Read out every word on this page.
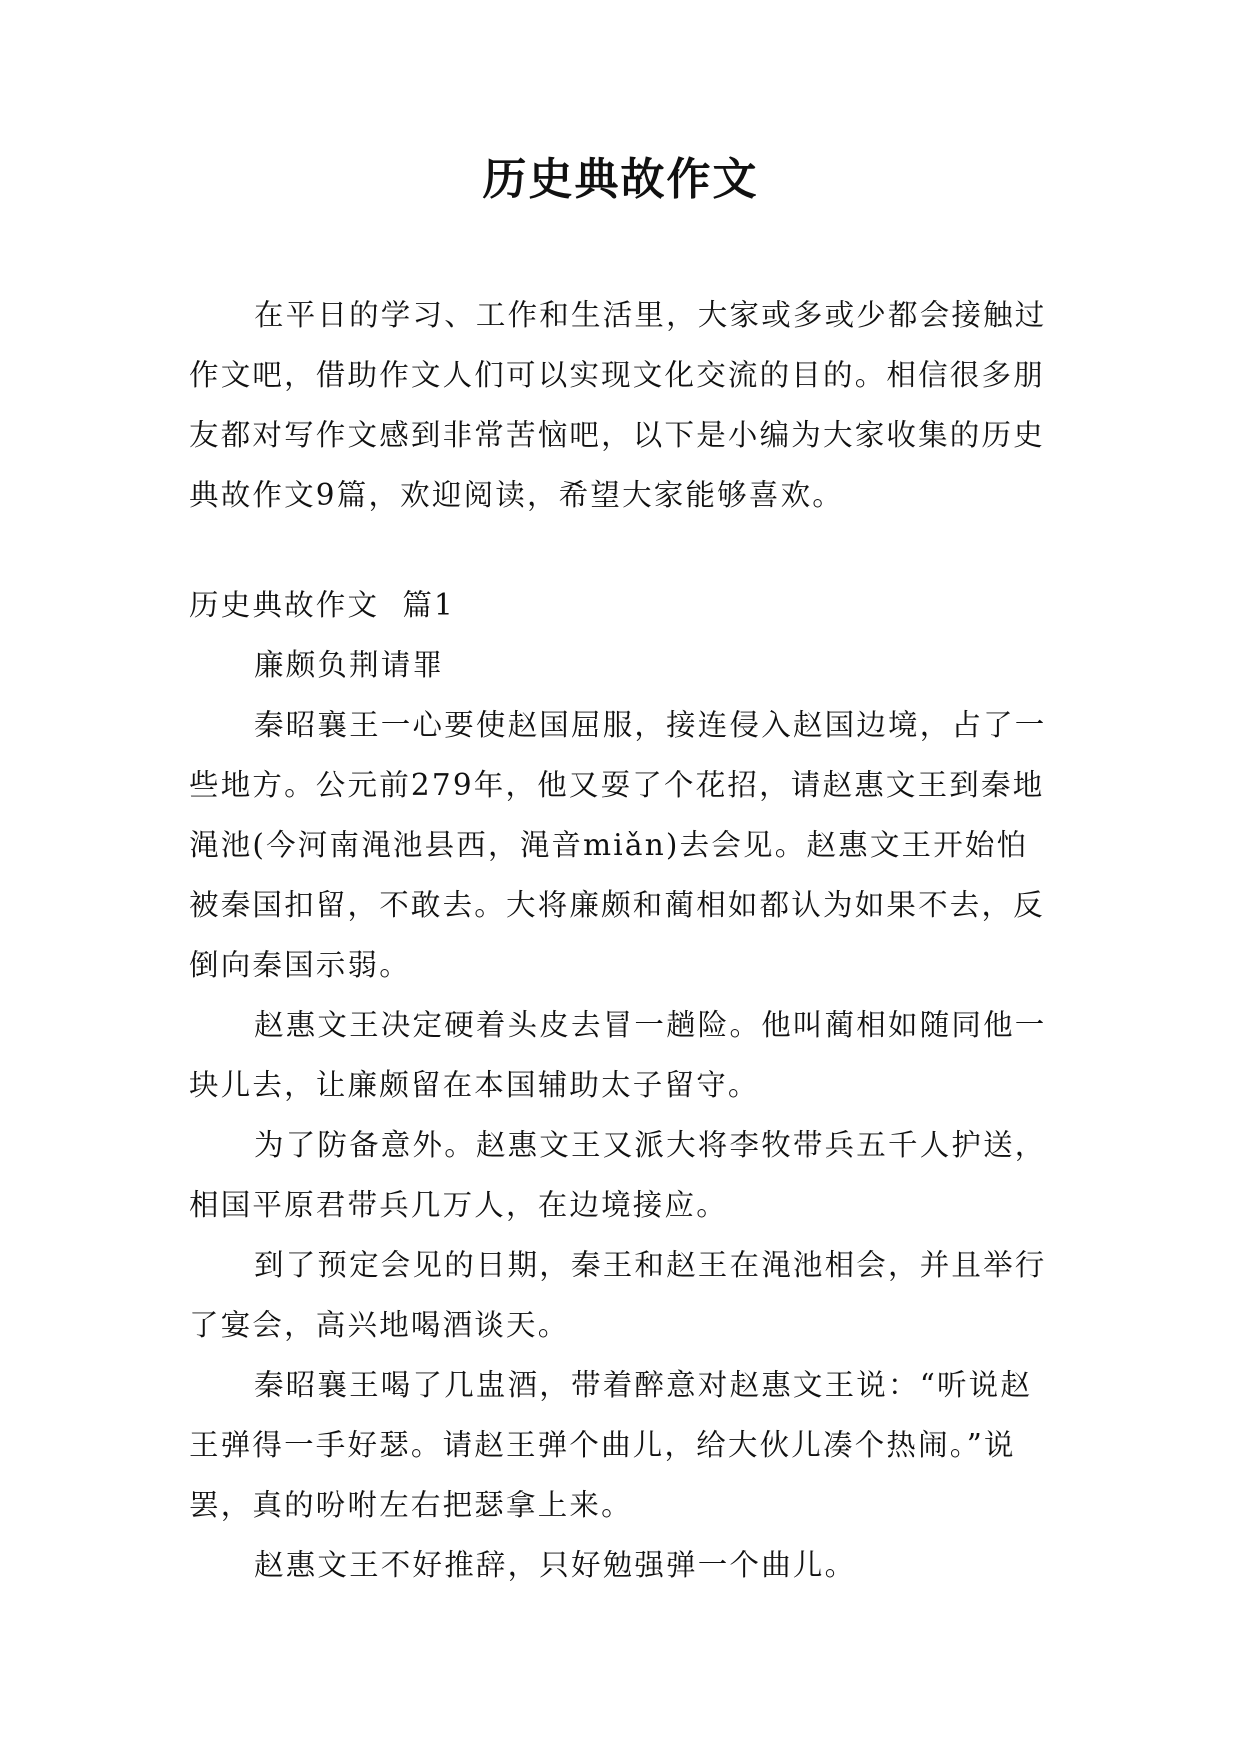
历史典故作文

在平日的学习、工作和生活里，大家或多或少都会接触过作文吧，借助作文人们可以实现文化交流的目的。相信很多朋友都对写作文感到非常苦恼吧，以下是小编为大家收集的历史典故作文9篇，欢迎阅读，希望大家能够喜欢。

历史典故作文  篇1

廉颇负荆请罪

秦昭襄王一心要使赵国屈服，接连侵入赵国边境，占了一些地方。公元前279年，他又耍了个花招，请赵惠文王到秦地渑池(今河南渑池县西，渑音miǎn)去会见。赵惠文王开始怕被秦国扣留，不敢去。大将廉颇和蔺相如都认为如果不去，反倒向秦国示弱。

赵惠文王决定硬着头皮去冒一趟险。他叫蔺相如随同他一块儿去，让廉颇留在本国辅助太子留守。

为了防备意外。赵惠文王又派大将李牧带兵五千人护送，相国平原君带兵几万人，在边境接应。

到了预定会见的日期，秦王和赵王在渑池相会，并且举行了宴会，高兴地喝酒谈天。

秦昭襄王喝了几盅酒，带着醉意对赵惠文王说：“听说赵王弹得一手好瑟。请赵王弹个曲儿，给大伙儿凑个热闹。”说罢，真的吩咐左右把瑟拿上来。

赵惠文王不好推辞，只好勉强弹一个曲儿。
